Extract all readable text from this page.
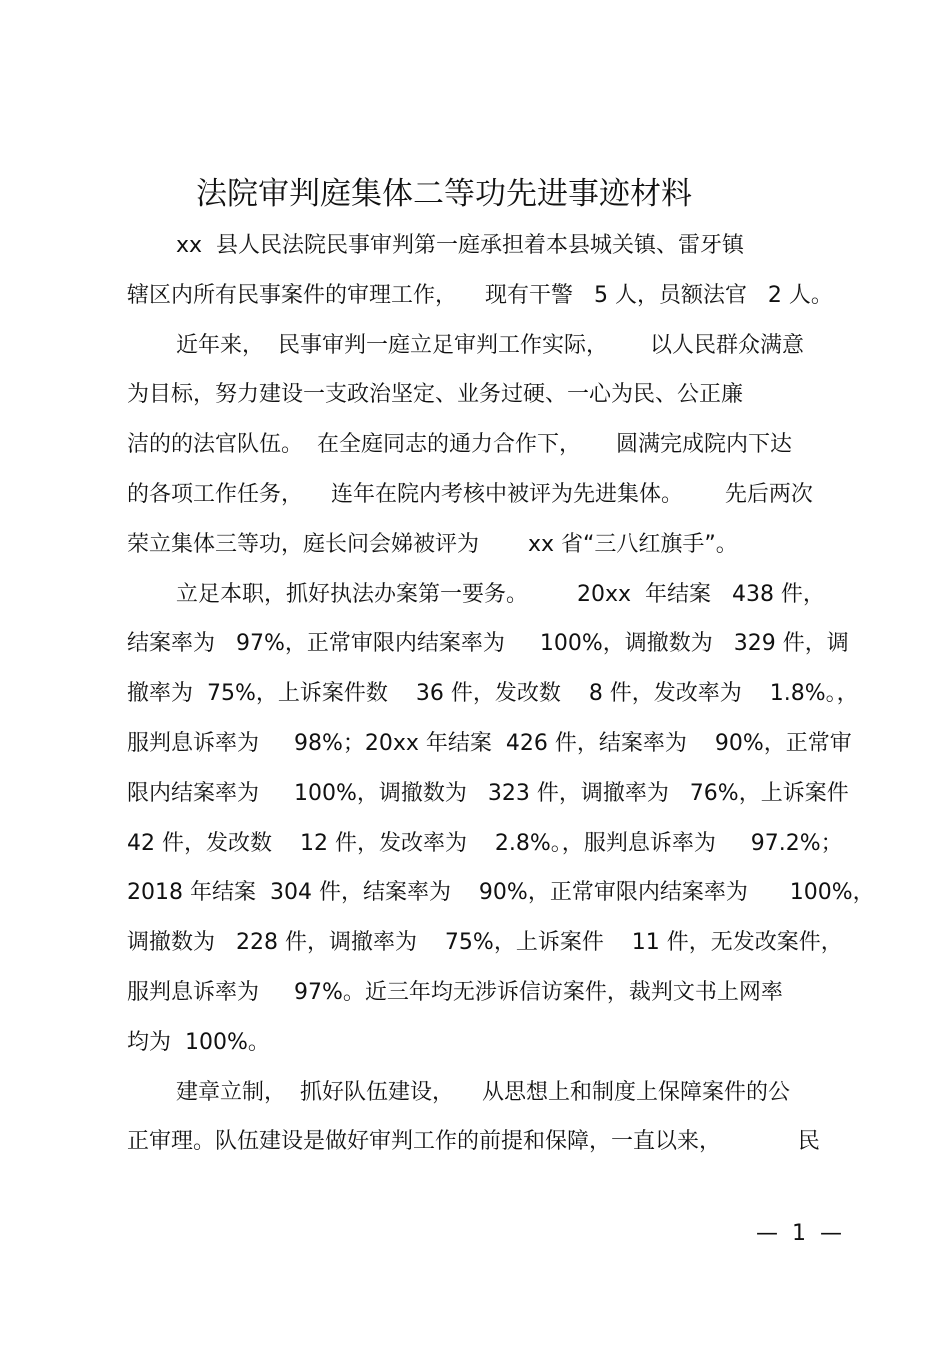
法院审判庭集体二等功先进事迹材料
xx  县人民法院民事审判第一庭承担着本县城关镇、雷牙镇
辖区内所有民事案件的审理工作，    现有干警   5 人，员额法官   2 人。
近年来，  民事审判一庭立足审判工作实际，      以人民群众满意
为目标，努力建设一支政治坚定、业务过硬、一心为民、公正廉
洁的的法官队伍。  在全庭同志的通力合作下，     圆满完成院内下达
的各项工作任务，    连年在院内考核中被评为先进集体。      先后两次
荣立集体三等功，庭长问会娣被评为       xx 省“三八红旗手”。
立足本职，抓好执法办案第一要务。       20xx  年结案   438 件，
结案率为   97%，正常审限内结案率为     100%，调撤数为   329 件，调
撤率为  75%，上诉案件数    36 件，发改数    8 件，发改率为    1.8%。，
服判息诉率为     98%；20xx 年结案  426 件，结案率为    90%，正常审
限内结案率为     100%，调撤数为   323 件，调撤率为   76%，上诉案件
42 件，发改数    12 件，发改率为    2.8%。，服判息诉率为     97.2%；
2018 年结案  304 件，结案率为    90%，正常审限内结案率为      100%，
调撤数为   228 件，调撤率为    75%，上诉案件    11 件，无发改案件，
服判息诉率为     97%。近三年均无涉诉信访案件，裁判文书上网率
均为  100%。
建章立制，  抓好队伍建设，    从思想上和制度上保障案件的公
正审理。队伍建设是做好审判工作的前提和保障，一直以来，           民
—  1  —
